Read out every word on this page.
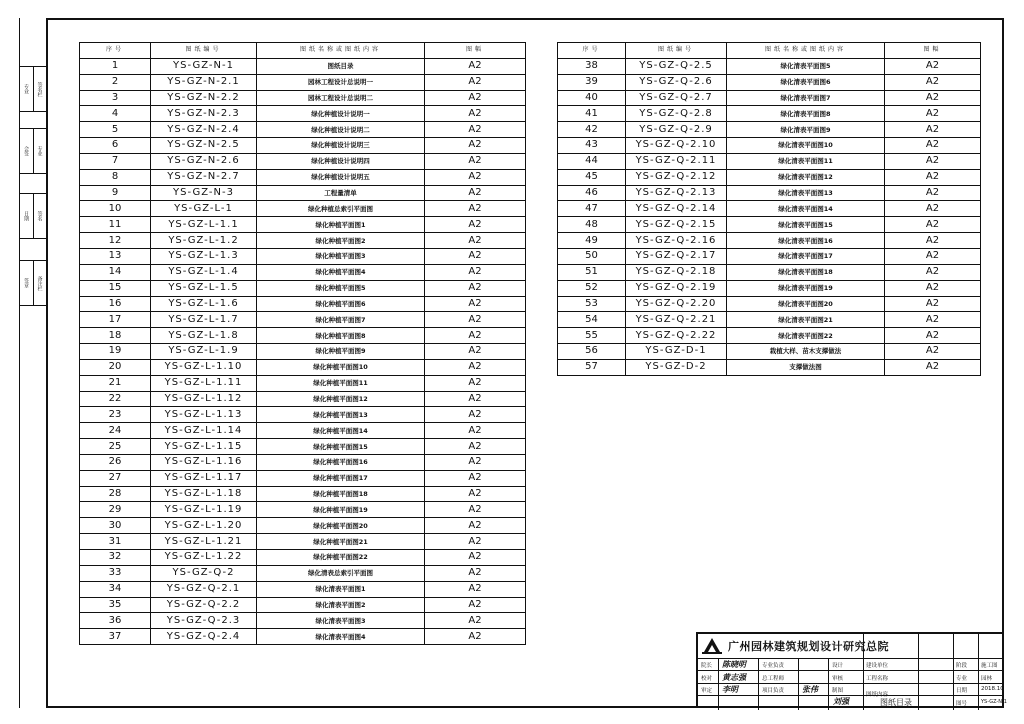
专业	签名栏
会签	专业
日期	签名
签章	备注栏
序号	图纸编号	图纸名称或图纸内容	图幅
1	YS-GZ-N-1	图纸目录	A2
2	YS-GZ-N-2.1	园林工程设计总说明一	A2
3	YS-GZ-N-2.2	园林工程设计总说明二	A2
4	YS-GZ-N-2.3	绿化种植设计说明一	A2
5	YS-GZ-N-2.4	绿化种植设计说明二	A2
6	YS-GZ-N-2.5	绿化种植设计说明三	A2
7	YS-GZ-N-2.6	绿化种植设计说明四	A2
8	YS-GZ-N-2.7	绿化种植设计说明五	A2
9	YS-GZ-N-3	工程量清单	A2
10	YS-GZ-L-1	绿化种植总索引平面图	A2
11	YS-GZ-L-1.1	绿化种植平面图1	A2
12	YS-GZ-L-1.2	绿化种植平面图2	A2
13	YS-GZ-L-1.3	绿化种植平面图3	A2
14	YS-GZ-L-1.4	绿化种植平面图4	A2
15	YS-GZ-L-1.5	绿化种植平面图5	A2
16	YS-GZ-L-1.6	绿化种植平面图6	A2
17	YS-GZ-L-1.7	绿化种植平面图7	A2
18	YS-GZ-L-1.8	绿化种植平面图8	A2
19	YS-GZ-L-1.9	绿化种植平面图9	A2
20	YS-GZ-L-1.10	绿化种植平面图10	A2
21	YS-GZ-L-1.11	绿化种植平面图11	A2
22	YS-GZ-L-1.12	绿化种植平面图12	A2
23	YS-GZ-L-1.13	绿化种植平面图13	A2
24	YS-GZ-L-1.14	绿化种植平面图14	A2
25	YS-GZ-L-1.15	绿化种植平面图15	A2
26	YS-GZ-L-1.16	绿化种植平面图16	A2
27	YS-GZ-L-1.17	绿化种植平面图17	A2
28	YS-GZ-L-1.18	绿化种植平面图18	A2
29	YS-GZ-L-1.19	绿化种植平面图19	A2
30	YS-GZ-L-1.20	绿化种植平面图20	A2
31	YS-GZ-L-1.21	绿化种植平面图21	A2
32	YS-GZ-L-1.22	绿化种植平面图22	A2
33	YS-GZ-Q-2	绿化清表总索引平面图	A2
34	YS-GZ-Q-2.1	绿化清表平面图1	A2
35	YS-GZ-Q-2.2	绿化清表平面图2	A2
36	YS-GZ-Q-2.3	绿化清表平面图3	A2
37	YS-GZ-Q-2.4	绿化清表平面图4	A2
序号	图纸编号	图纸名称或图纸内容	图幅
38	YS-GZ-Q-2.5	绿化清表平面图5	A2
39	YS-GZ-Q-2.6	绿化清表平面图6	A2
40	YS-GZ-Q-2.7	绿化清表平面图7	A2
41	YS-GZ-Q-2.8	绿化清表平面图8	A2
42	YS-GZ-Q-2.9	绿化清表平面图9	A2
43	YS-GZ-Q-2.10	绿化清表平面图10	A2
44	YS-GZ-Q-2.11	绿化清表平面图11	A2
45	YS-GZ-Q-2.12	绿化清表平面图12	A2
46	YS-GZ-Q-2.13	绿化清表平面图13	A2
47	YS-GZ-Q-2.14	绿化清表平面图14	A2
48	YS-GZ-Q-2.15	绿化清表平面图15	A2
49	YS-GZ-Q-2.16	绿化清表平面图16	A2
50	YS-GZ-Q-2.17	绿化清表平面图17	A2
51	YS-GZ-Q-2.18	绿化清表平面图18	A2
52	YS-GZ-Q-2.19	绿化清表平面图19	A2
53	YS-GZ-Q-2.20	绿化清表平面图20	A2
54	YS-GZ-Q-2.21	绿化清表平面图21	A2
55	YS-GZ-Q-2.22	绿化清表平面图22	A2
56	YS-GZ-D-1	栽植大样、苗木支撑做法	A2
57	YS-GZ-D-2	支撑做法图	A2
广州园林建筑规划设计研究总院
院长	专业负责	设计
校对	总工程师	审核
审定	项目负责	制图
陈晓明
黄志强
李明	张伟
刘强
建设单位
工程名称
图纸内容
图纸目录
阶段	施工图
专业	园林
日期	2018.10
图号	YS-GZ-N-1
